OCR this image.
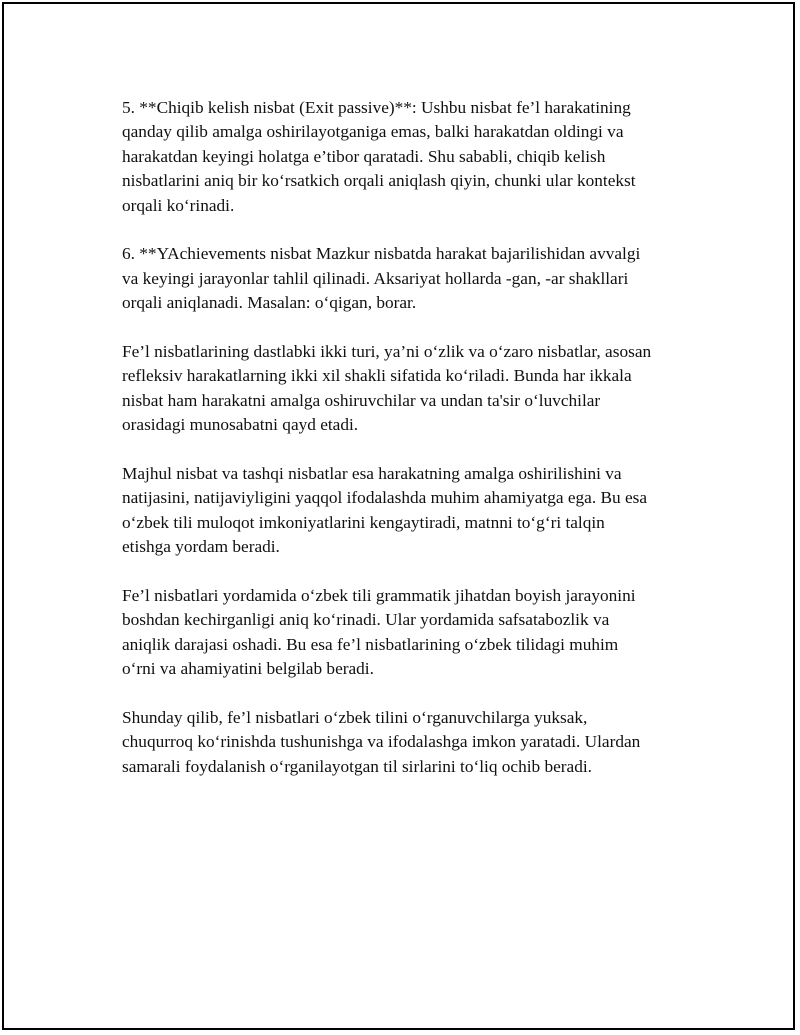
5. **Chiqib kelish nisbat (Exit passive)**: Ushbu nisbat fe’l harakatining
qanday qilib amalga oshirilayotganiga emas, balki harakatdan oldingi va
harakatdan keyingi holatga e’tibor qaratadi. Shu sababli, chiqib kelish
nisbatlarini aniq bir ko‘rsatkich orqali aniqlash qiyin, chunki ular kontekst
orqali ko‘rinadi.

6. **YAchievements nisbat Mazkur nisbatda harakat bajarilishidan avvalgi
va keyingi jarayonlar tahlil qilinadi. Aksariyat hollarda -gan, -ar shakllari
orqali aniqlanadi. Masalan: o‘qigan, borar.

Fe’l nisbatlarining dastlabki ikki turi, ya’ni o‘zlik va o‘zaro nisbatlar, asosan
refleksiv harakatlarning ikki xil shakli sifatida ko‘riladi. Bunda har ikkala
nisbat ham harakatni amalga oshiruvchilar va undan ta'sir o‘luvchilar
orasidagi munosabatni qayd etadi.

Majhul nisbat va tashqi nisbatlar esa harakatning amalga oshirilishini va
natijasini, natijaviyligini yaqqol ifodalashda muhim ahamiyatga ega. Bu esa
o‘zbek tili muloqot imkoniyatlarini kengaytiradi, matnni to‘g‘ri talqin
etishga yordam beradi.

Fe’l nisbatlari yordamida o‘zbek tili grammatik jihatdan boyish jarayonini
boshdan kechirganligi aniq ko‘rinadi. Ular yordamida safsatabozlik va
aniqlik darajasi oshadi. Bu esa fe’l nisbatlarining o‘zbek tilidagi muhim
o‘rni va ahamiyatini belgilab beradi.

Shunday qilib, fe’l nisbatlari o‘zbek tilini o‘rganuvchilarga yuksak,
chuqurroq ko‘rinishda tushunishga va ifodalashga imkon yaratadi. Ulardan
samarali foydalanish o‘rganilayotgan til sirlarini to‘liq ochib beradi.
